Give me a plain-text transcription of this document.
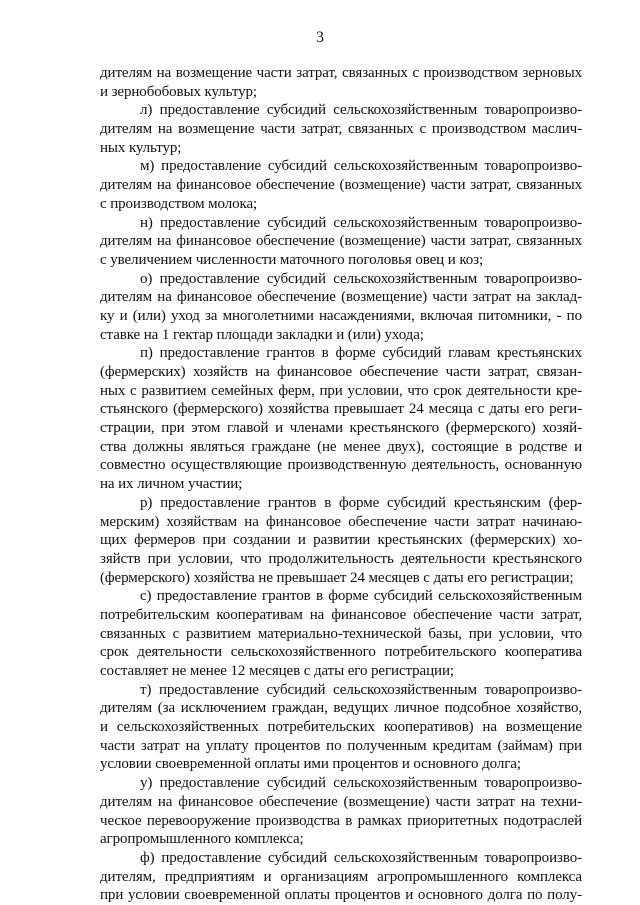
3
дителям на возмещение части затрат, связанных с производством зерновых
и зернобобовых культур;
л) предоставление субсидий сельскохозяйственным товаропроизво-
дителям на возмещение части затрат, связанных с производством маслич-
ных культур;
м) предоставление субсидий сельскохозяйственным товаропроизво-
дителям на финансовое обеспечение (возмещение) части затрат, связанных
с производством молока;
н) предоставление субсидий сельскохозяйственным товаропроизво-
дителям на финансовое обеспечение (возмещение) части затрат, связанных
с увеличением численности маточного поголовья овец и коз;
о) предоставление субсидий сельскохозяйственным товаропроизво-
дителям на финансовое обеспечение (возмещение) части затрат на заклад-
ку и (или) уход за многолетними насаждениями, включая питомники, - по
ставке на 1 гектар площади закладки и (или) ухода;
п) предоставление грантов в форме субсидий главам крестьянских
(фермерских) хозяйств на финансовое обеспечение части затрат, связан-
ных с развитием семейных ферм, при условии, что срок деятельности кре-
стьянского (фермерского) хозяйства превышает 24 месяца с даты его реги-
страции, при этом главой и членами крестьянского (фермерского) хозяй-
ства должны являться граждане (не менее двух), состоящие в родстве и
совместно осуществляющие производственную деятельность, основанную
на их личном участии;
р) предоставление грантов в форме субсидий крестьянским (фер-
мерским) хозяйствам на финансовое обеспечение части затрат начинаю-
щих фермеров при создании и развитии крестьянских (фермерских) хо-
зяйств при условии, что продолжительность деятельности крестьянского
(фермерского) хозяйства не превышает 24 месяцев с даты его регистрации;
с) предоставление грантов в форме субсидий сельскохозяйственным
потребительским кооперативам на финансовое обеспечение части затрат,
связанных с развитием материально-технической базы, при условии, что
срок деятельности сельскохозяйственного потребительского кооператива
составляет не менее 12 месяцев с даты его регистрации;
т) предоставление субсидий сельскохозяйственным товаропроизво-
дителям (за исключением граждан, ведущих личное подсобное хозяйство,
и сельскохозяйственных потребительских кооперативов) на возмещение
части затрат на уплату процентов по полученным кредитам (займам) при
условии своевременной оплаты ими процентов и основного долга;
у) предоставление субсидий сельскохозяйственным товаропроизво-
дителям на финансовое обеспечение (возмещение) части затрат на техни-
ческое перевооружение производства в рамках приоритетных подотраслей
агропромышленного комплекса;
ф) предоставление субсидий сельскохозяйственным товаропроизво-
дителям, предприятиям и организациям агропромышленного комплекса
при условии своевременной оплаты процентов и основного долга по полу-
